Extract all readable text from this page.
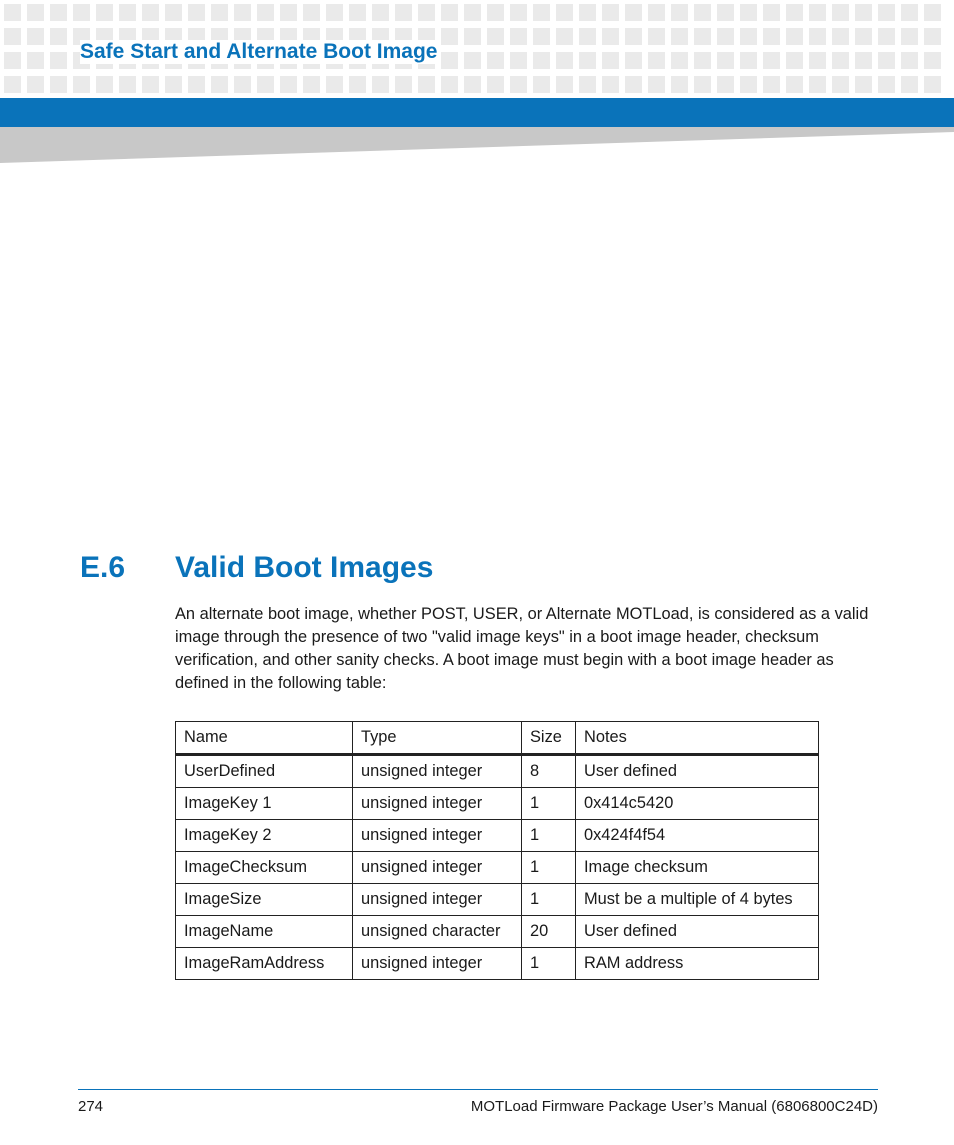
Safe Start and Alternate Boot Image
E.6 Valid Boot Images

An alternate boot image, whether POST, USER, or Alternate MOTLoad, is considered as a valid image through the presence of two "valid image keys" in a boot image header, checksum verification, and other sanity checks. A boot image must begin with a boot image header as defined in the following table:

Name	Type	Size	Notes
UserDefined	unsigned integer	8	User defined
ImageKey 1	unsigned integer	1	0x414c5420
ImageKey 2	unsigned integer	1	0x424f4f54
ImageChecksum	unsigned integer	1	Image checksum
ImageSize	unsigned integer	1	Must be a multiple of 4 bytes
ImageName	unsigned character	20	User defined
ImageRamAddress	unsigned integer	1	RAM address
274	MOTLoad Firmware Package User’s Manual (6806800C24D)
